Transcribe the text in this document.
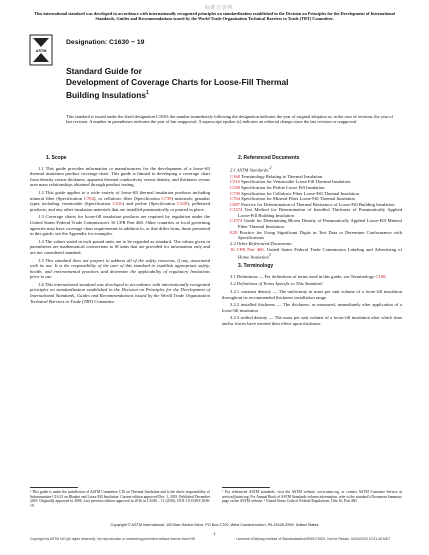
标准分享网
This international standard was developed in accordance with internationally recognized principles on standardization established in the Decision on Principles for the Development of International Standards, Guides and Recommendations issued by the World Trade Organization Technical Barriers to Trade (TBT) Committee.
ASTM
Designation: C1630 − 19
Standard Guide for
Development of Coverage Charts for Loose-Fill Thermal
Building Insulations$^1$
This standard is issued under the fixed designation C1630; the number immediately following the designation indicates the year of original adoption or, in the case of revision, the year of last revision. A number in parentheses indicates the year of last reapproval. A superscript epsilon (ε) indicates an editorial change since the last revision or reapproval.
1. Scope

1.1 This guide provides information to manufacturers for the development of a loose-fill thermal insulation product coverage chart. This guide is limited to developing a coverage chart from density versus thickness, apparent thermal conductivity versus density, and thickness versus area mass relationships obtained through product testing.

1.2 This guide applies to a wide variety of loose-fill thermal insulation products including mineral fiber (Specification C764), or cellulosic fiber (Specification C739) materials; granular types including vermiculite (Specification C516) and perlite (Specification C549); pelletized products; and any other insulation materials that are installed pneumatically or poured in place.

1.3 Coverage charts for loose-fill insulation products are required by regulation under the United States Federal Trade Commission's 16 CFR Part 460. Other countries or local governing agencies may have coverage chart requirements in addition to, or that differ from, those presented in this guide; see the Appendix for examples.

1.4 The values stated in inch-pound units are to be regarded as standard. The values given in parentheses are mathematical conversions to SI units that are provided for information only and are not considered standard.

1.5 This standard does not purport to address all of the safety concerns, if any, associated with its use. It is the responsibility of the user of this standard to establish appropriate safety, health, and environmental practices and determine the applicability of regulatory limitations prior to use.

1.6 This international standard was developed in accordance with internationally recognized principles on standardization established in the Decision on Principles for the Development of International Standards, Guides and Recommendations issued by the World Trade Organization Technical Barriers to Trade (TBT) Committee.

2. Referenced Documents

2.1 ASTM Standards:$^2$

C168 Terminology Relating to Thermal Insulation

C516 Specification for Vermiculite Loose Fill Thermal Insulation

C549 Specification for Perlite Loose Fill Insulation

C739 Specification for Cellulosic Fiber Loose-Fill Thermal Insulation

C764 Specification for Mineral Fiber Loose-Fill Thermal Insulation

C687 Practice for Determination of Thermal Resistance of Loose-Fill Building Insulation

C1374 Test Method for Determination of Installed Thickness of Pneumatically Applied Loose-Fill Building Insulation

C1574 Guide for Determining Blown Density of Pneumatically Applied Loose-Fill Mineral Fiber Thermal Insulation

E29 Practice for Using Significant Digits in Test Data to Determine Conformance with Specifications

2.2 Other Referenced Documents:

16 CFR Part 460, United States Federal Trade Commission Labeling and Advertising of Home Insulation$^3$

3. Terminology

3.1 Definitions — For definitions of terms used in this guide, see Terminology C168.

3.2 Definitions of Terms Specific to This Standard:

3.2.1 constant density — The uniformity in mass per unit volume of a loose-fill insulation throughout its recommended thickness installation range.

3.2.2 installed thickness — The thickness, as measured, immediately after application of a loose-fill insulation.

3.2.3 settled density — The mass per unit volume of a loose-fill insulation after which time and/or forces have exerted their effect upon thickness.

¹ This guide is under the jurisdiction of ASTM Committee C16 on Thermal Insulation and is the direct responsibility of Subcommittee C16.23 on Blanket and Loose Fill Insulation. Current edition approved Dec. 1, 2019. Published December 2019. Originally approved in 2006. Last previous edition approved in 2016 as C1630 – 11 (2016). DOI: 10.1520/C1630-19.
² For referenced ASTM standards, visit the ASTM website, www.astm.org, or contact ASTM Customer Service at service@astm.org. For Annual Book of ASTM Standards volume information, refer to the standard's Document Summary page on the ASTM website. ³ United States Code of Federal Regulations, Title 16, Part 460.
Copyright © ASTM International, 100 Barr Harbor Drive, PO Box C700, West Conshohocken, PA 19428-2959. United States
1
Copyright by ASTM Int'l (all rights reserved); No reproduction or networking permitted without license from IHS	Licensee=Zhejiang Institute of Standardization/5939175001; Not for Resale, 04/16/2020 10:21:48 MDT
